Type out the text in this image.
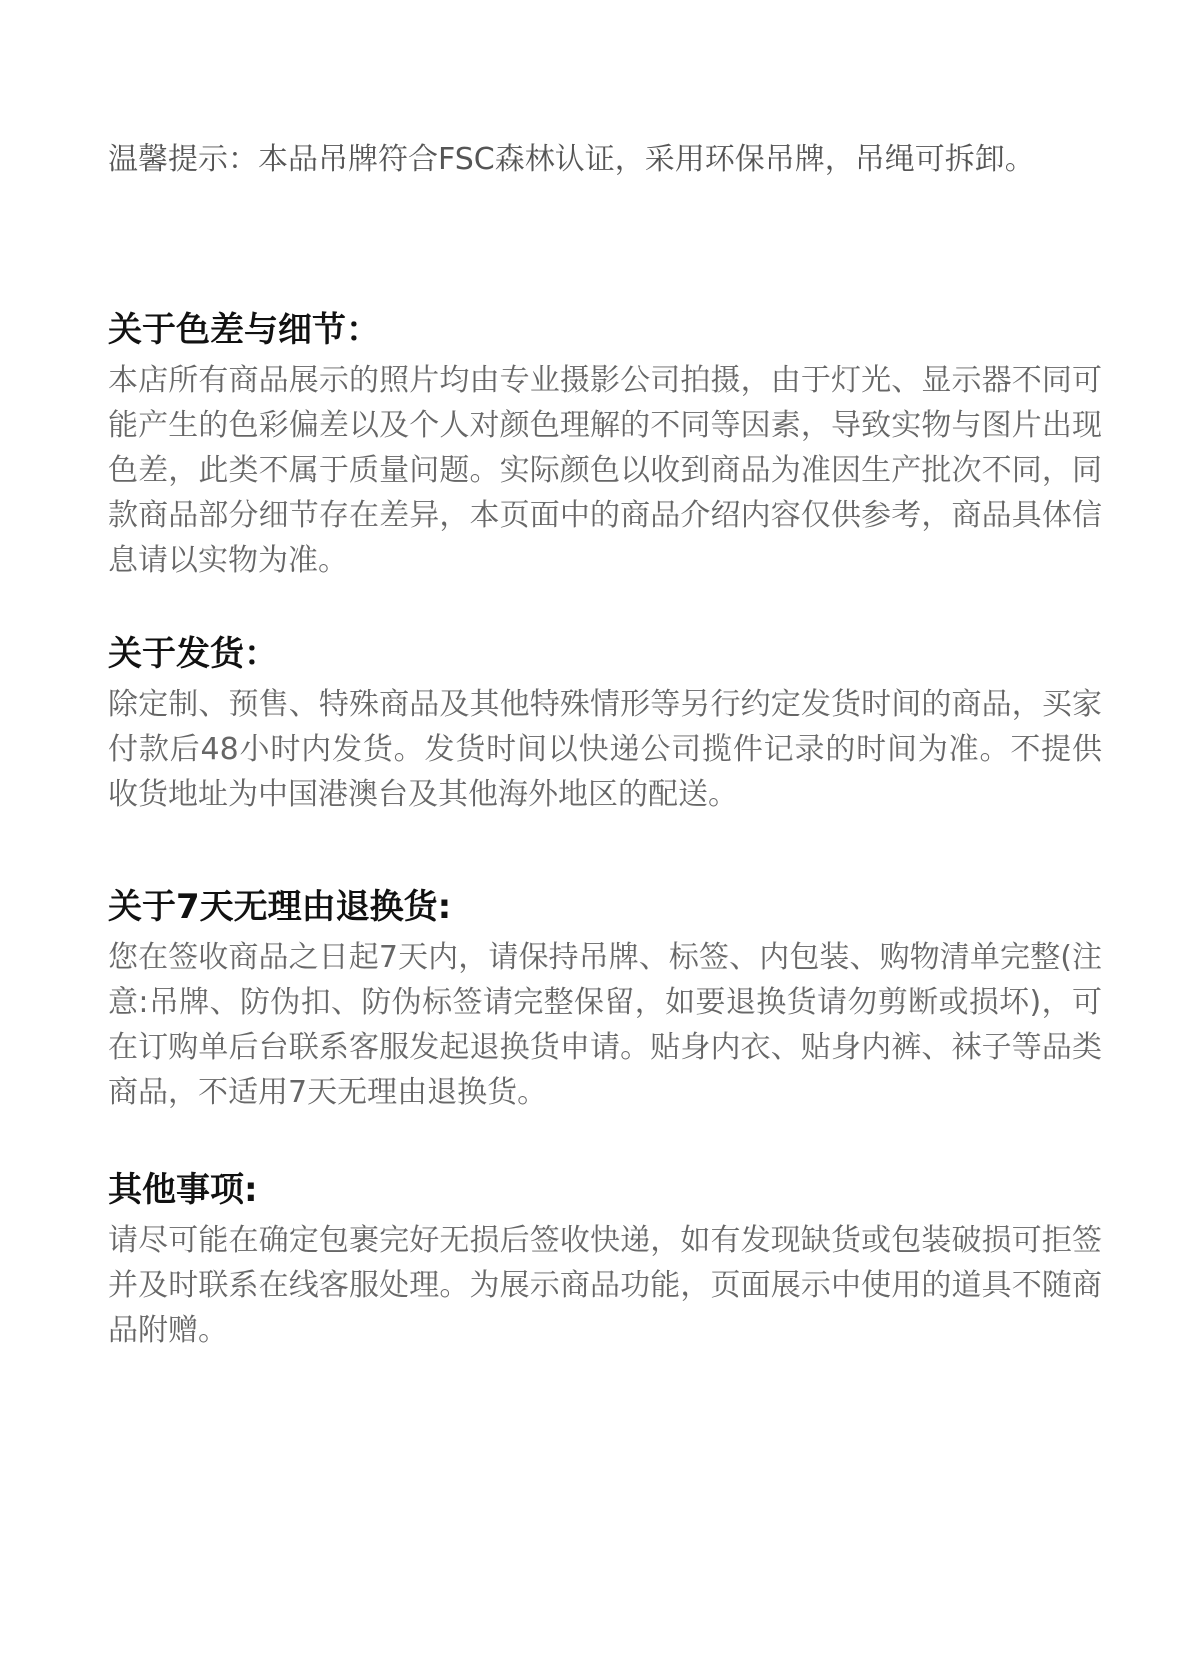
温馨提示：本品吊牌符合FSC森林认证，采用环保吊牌，吊绳可拆卸。
关于色差与细节：

本店所有商品展示的照片均由专业摄影公司拍摄，由于灯光、显示器不同可能产生的色彩偏差以及个人对颜色理解的不同等因素，导致实物与图片出现色差，此类不属于质量问题。实际颜色以收到商品为准因生产批次不同，同款商品部分细节存在差异，本页面中的商品介绍内容仅供参考，商品具体信息请以实物为准。

关于发货：

除定制、预售、特殊商品及其他特殊情形等另行约定发货时间的商品，买家付款后48小时内发货。发货时间以快递公司揽件记录的时间为准。不提供收货地址为中国港澳台及其他海外地区的配送。

关于7天无理由退换货:

您在签收商品之日起7天内，请保持吊牌、标签、内包装、购物清单完整(注意:吊牌、防伪扣、防伪标签请完整保留，如要退换货请勿剪断或损坏)，可在订购单后台联系客服发起退换货申请。贴身内衣、贴身内裤、袜子等品类商品，不适用7天无理由退换货。

其他事项:

请尽可能在确定包裹完好无损后签收快递，如有发现缺货或包装破损可拒签并及时联系在线客服处理。为展示商品功能，页面展示中使用的道具不随商品附赠。
